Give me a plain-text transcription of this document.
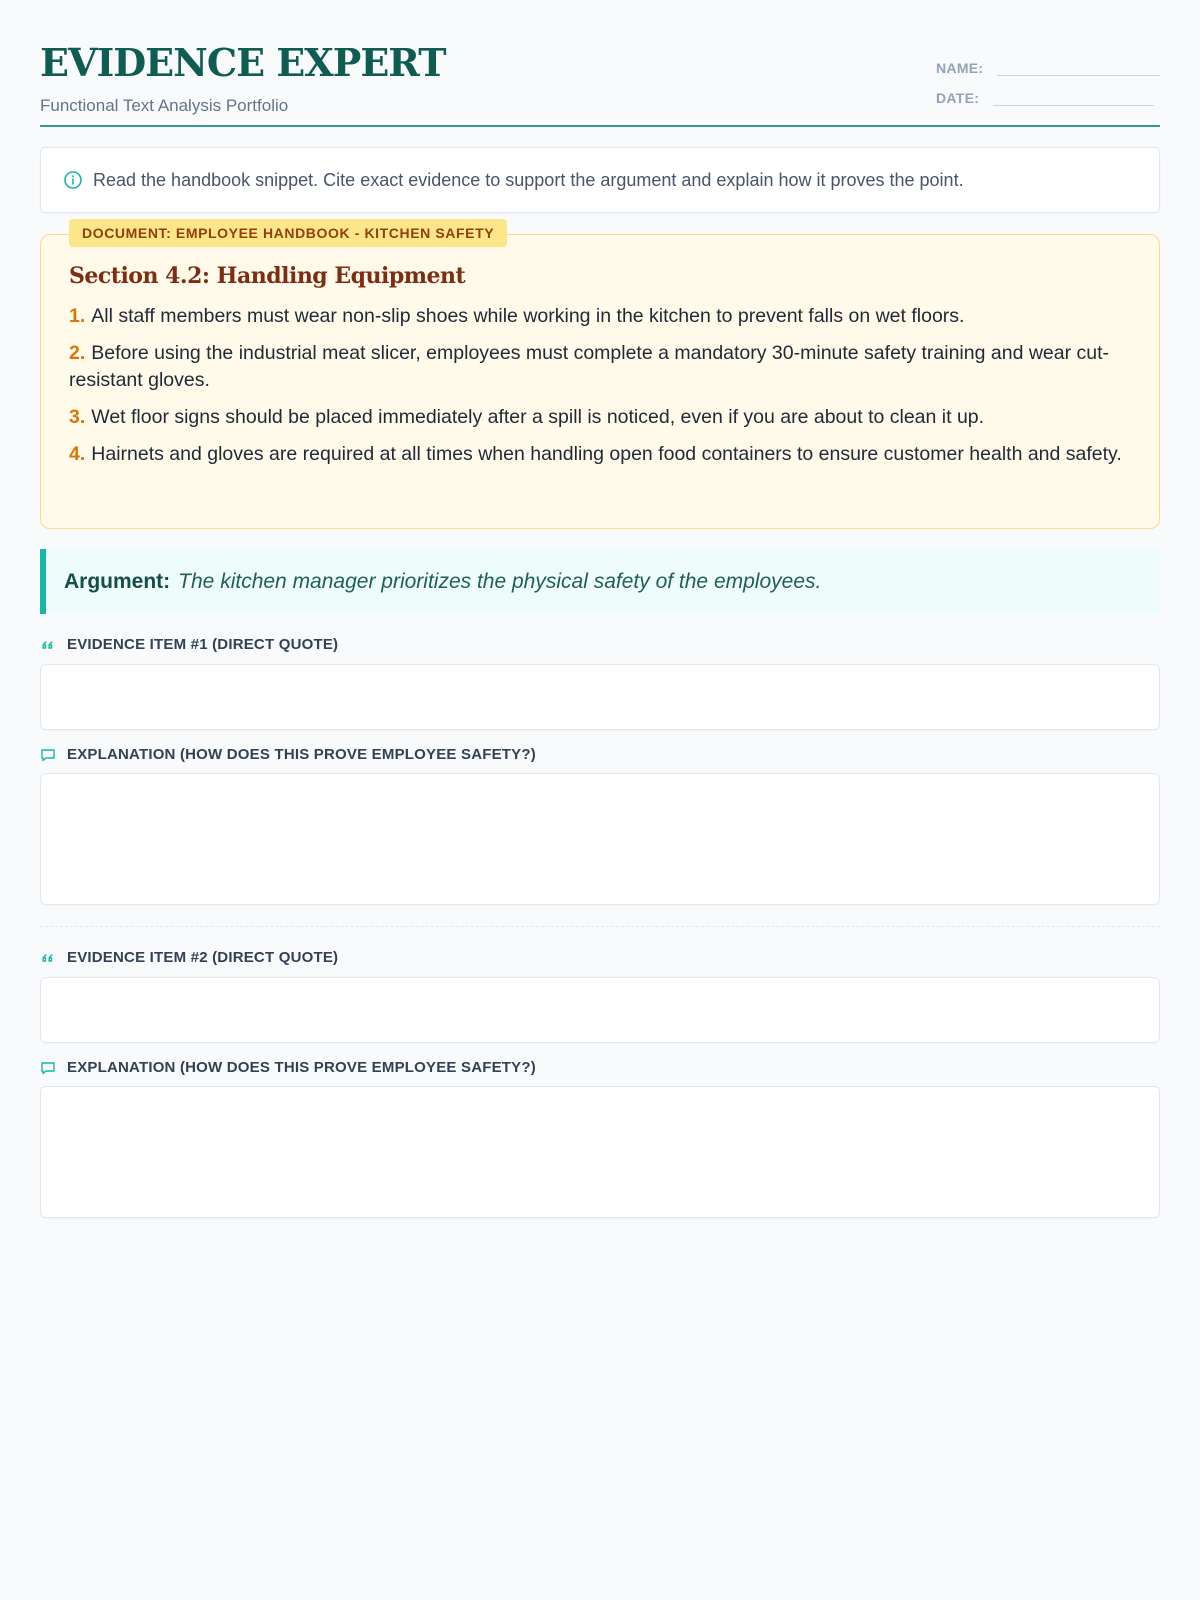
EVIDENCE EXPERT
Functional Text Analysis Portfolio
NAME:
DATE:
Read the handbook snippet. Cite exact evidence to support the argument and explain how it proves the point.
DOCUMENT: EMPLOYEE HANDBOOK - KITCHEN SAFETY
Section 4.2: Handling Equipment
1. All staff members must wear non-slip shoes while working in the kitchen to prevent falls on wet floors.
2. Before using the industrial meat slicer, employees must complete a mandatory 30-minute safety training and wear cut-resistant gloves.
3. Wet floor signs should be placed immediately after a spill is noticed, even if you are about to clean it up.
4. Hairnets and gloves are required at all times when handling open food containers to ensure customer health and safety.
Argument: The kitchen manager prioritizes the physical safety of the employees.
EVIDENCE ITEM #1 (DIRECT QUOTE)
EXPLANATION (HOW DOES THIS PROVE EMPLOYEE SAFETY?)
EVIDENCE ITEM #2 (DIRECT QUOTE)
EXPLANATION (HOW DOES THIS PROVE EMPLOYEE SAFETY?)
